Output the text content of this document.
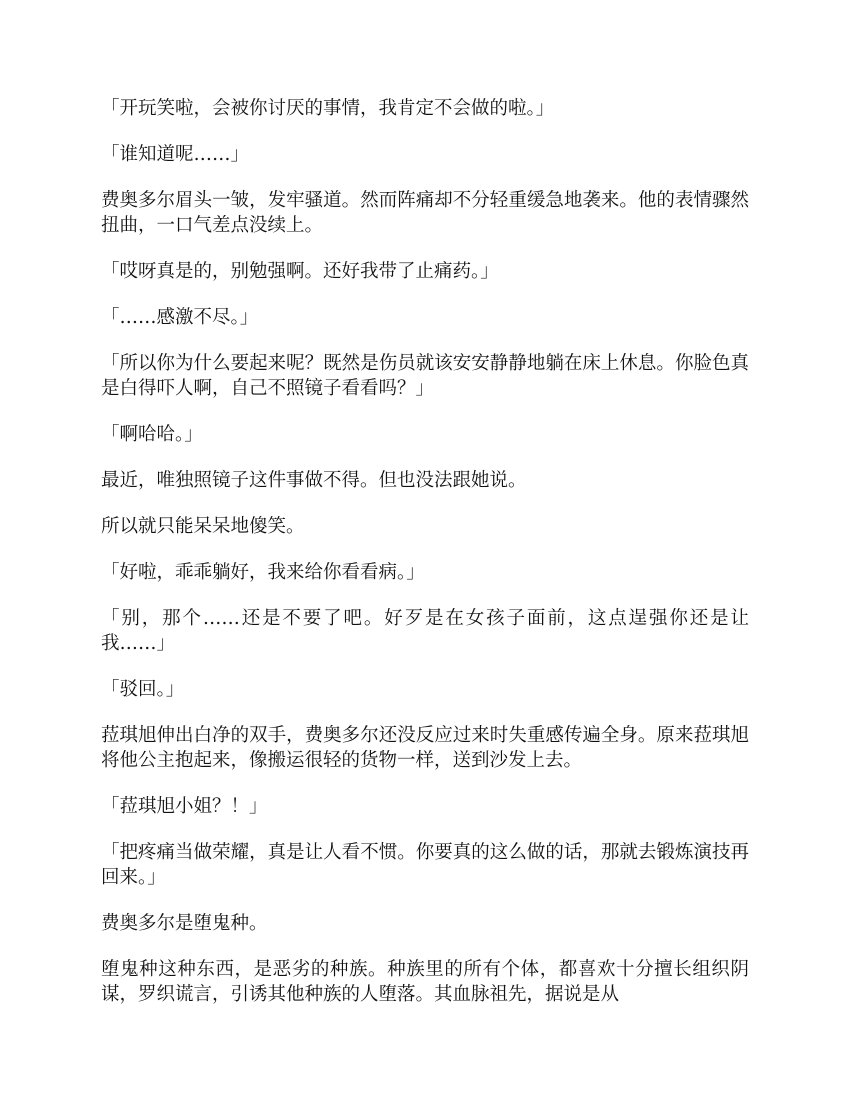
「开玩笑啦，会被你讨厌的事情，我肯定不会做的啦。」

「谁知道呢……」

费奥多尔眉头一皱，发牢骚道。然而阵痛却不分轻重缓急地袭来。他的表情骤然扭曲，一口气差点没续上。

「哎呀真是的，别勉强啊。还好我带了止痛药。」

「……感激不尽。」

「所以你为什么要起来呢？既然是伤员就该安安静静地躺在床上休息。你脸色真是白得吓人啊，自己不照镜子看看吗？」

「啊哈哈。」

最近，唯独照镜子这件事做不得。但也没法跟她说。

所以就只能呆呆地傻笑。

「好啦，乖乖躺好，我来给你看看病。」

「别，那个……还是不要了吧。好歹是在女孩子面前，这点逞强你还是让我……」

「驳回。」

菈琪旭伸出白净的双手，费奥多尔还没反应过来时失重感传遍全身。原来菈琪旭将他公主抱起来，像搬运很轻的货物一样，送到沙发上去。

「菈琪旭小姐？！」

「把疼痛当做荣耀，真是让人看不惯。你要真的这么做的话，那就去锻炼演技再回来。」

费奥多尔是堕鬼种。

堕鬼种这种东西，是恶劣的种族。种族里的所有个体，都喜欢十分擅长组织阴谋，罗织谎言，引诱其他种族的人堕落。其血脉祖先，据说是从
